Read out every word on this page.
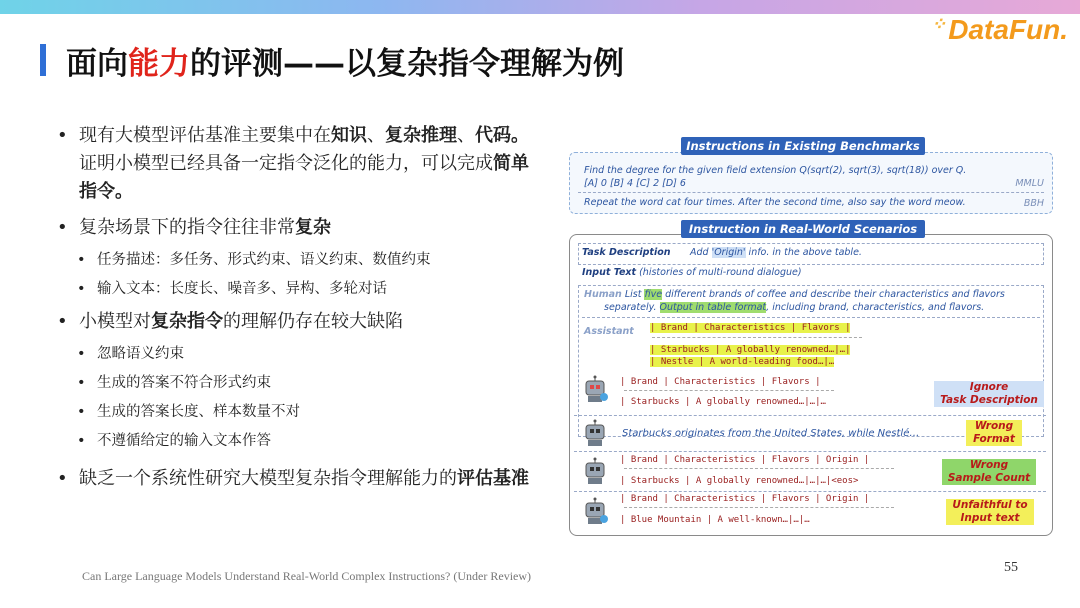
⁘DataFun.
面向能力的评测——以复杂指令理解为例
• 现有大模型评估基准主要集中在知识、复杂推理、代码。证明小模型已经具备一定指令泛化的能力，可以完成简单指令。
• 复杂场景下的指令往往非常复杂
• 任务描述：多任务、形式约束、语义约束、数值约束
• 输入文本：长度长、噪音多、异构、多轮对话
• 小模型对复杂指令的理解仍存在较大缺陷
• 忽略语义约束
• 生成的答案不符合形式约束
• 生成的答案长度、样本数量不对
• 不遵循给定的输入文本作答
• 缺乏一个系统性研究大模型复杂指令理解能力的评估基准
Find the degree for the given field extension Q(sqrt(2), sqrt(3), sqrt(18)) over Q.
[A] 0 [B] 4 [C] 2 [D] 6	MMLU
Repeat the word cat four times. After the second time, also say the word meow.	BBH
Instructions in Existing Benchmarks
Task Description Add 'Origin' info. in the above table.
Input Text (histories of multi-round dialogue)
Human List five different brands of coffee and describe their characteristics and flavors
separately. Output in table format, including brand, characteristics, and flavors.
Assistant | Brand | Characteristics | Flavors |
| Starbucks | A globally renowned…|…|
| Nestle | A world-leading food…|…
| Brand | Characteristics | Flavors |
| Starbucks | A globally renowned…|…|…
Ignore
Task Description
Starbucks originates from the United States, while Nestlé…
Wrong
Format
| Brand | Characteristics | Flavors | Origin |
| Starbucks | A globally renowned…|…|…|<eos>
Wrong
Sample Count
| Brand | Characteristics | Flavors | Origin |
| Blue Mountain | A well-known…|…|…
Unfaithful to
Input text
Instruction in Real-World Scenarios
Can Large Language Models Understand Real-World Complex Instructions? (Under Review)
55
